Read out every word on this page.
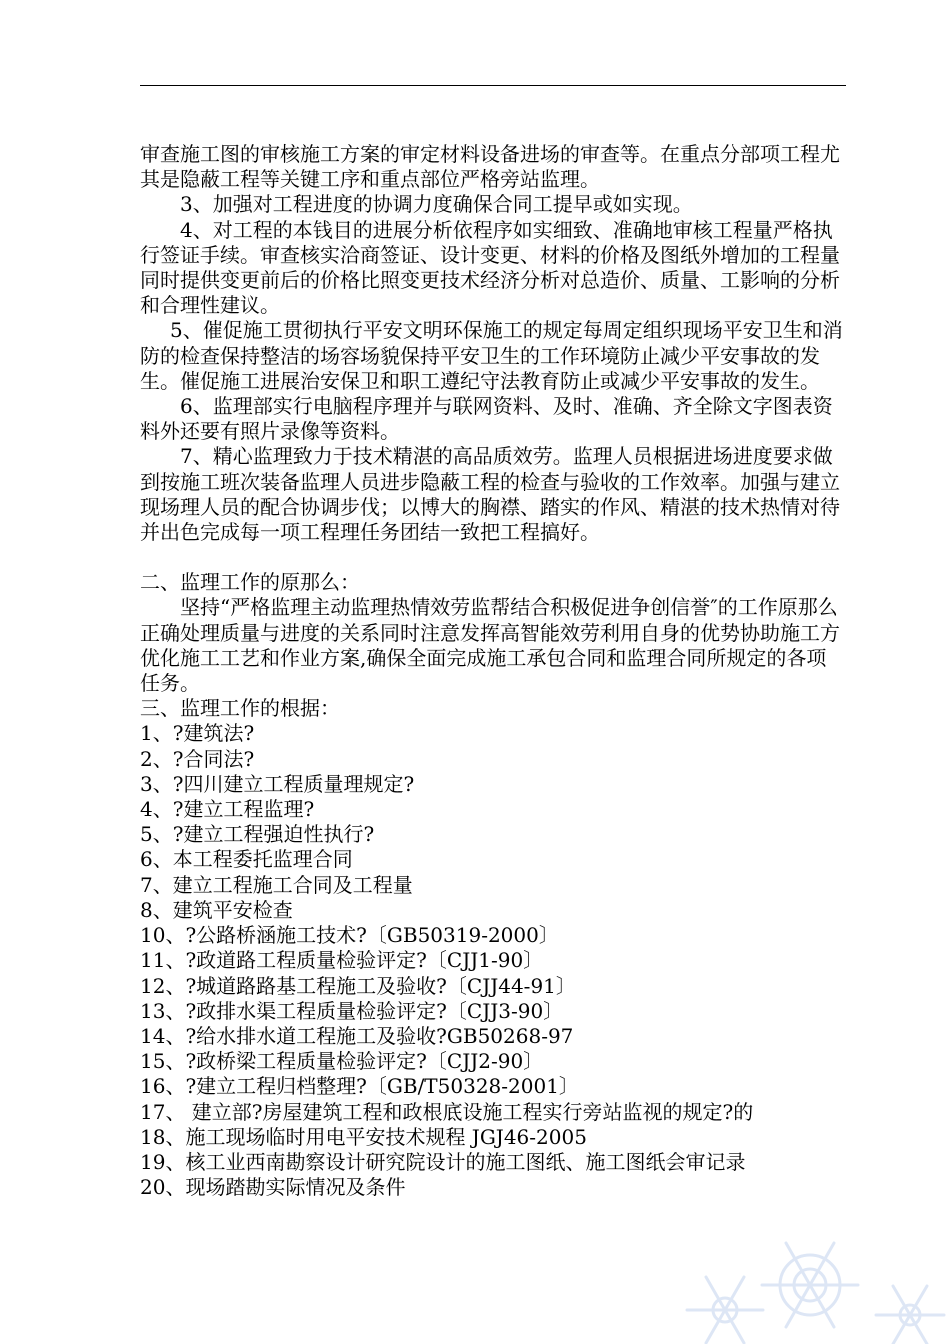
审查施工图的审核施工方案的审定材料设备进场的审查等。在重点分部项工程尤其是隐蔽工程等关键工序和重点部位严格旁站监理。

3、加强对工程进度的协调力度确保合同工提早或如实现。

4、对工程的本钱目的进展分析依程序如实细致、准确地审核工程量严格执行签证手续。审查核实洽商签证、设计变更、材料的价格及图纸外增加的工程量同时提供变更前后的价格比照变更技术经济分析对总造价、质量、工影响的分析和合理性建议。

5、催促施工贯彻执行平安文明环保施工的规定每周定组织现场平安卫生和消防的检查保持整洁的场容场貌保持平安卫生的工作环境防止减少平安事故的发生。催促施工进展治安保卫和职工遵纪守法教育防止或减少平安事故的发生。

6、监理部实行电脑程序理并与联网资料、及时、准确、齐全除文字图表资料外还要有照片录像等资料。

7、精心监理致力于技术精湛的高品质效劳。监理人员根据进场进度要求做到按施工班次装备监理人员进步隐蔽工程的检查与验收的工作效率。加强与建立现场理人员的配合协调步伐；以博大的胸襟、踏实的作风、精湛的技术热情对待并出色完成每一项工程理任务团结一致把工程搞好。

二、监理工作的原那么：

坚持“严格监理主动监理热情效劳监帮结合积极促进争创信誉″的工作原那么正确处理质量与进度的关系同时注意发挥高智能效劳利用自身的优势协助施工方优化施工工艺和作业方案,确保全面完成施工承包合同和监理合同所规定的各项任务。

三、监理工作的根据：

1、?建筑法?

2、?合同法?

3、?四川建立工程质量理规定?

4、?建立工程监理?

5、?建立工程强迫性执行?

6、本工程委托监理合同

7、建立工程施工合同及工程量

8、建筑平安检查

10、?公路桥涵施工技术?〔GB50319-2000〕

11、?政道路工程质量检验评定?〔CJJ1-90〕

12、?城道路路基工程施工及验收?〔CJJ44-91〕

13、?政排水渠工程质量检验评定?〔CJJ3-90〕

14、?给水排水道工程施工及验收?GB50268-97

15、?政桥梁工程质量检验评定?〔CJJ2-90〕

16、?建立工程归档整理?〔GB/T50328-2001〕

17、 建立部?房屋建筑工程和政根底设施工程实行旁站监视的规定?的

18、施工现场临时用电平安技术规程 JGJ46-2005

19、核工业西南勘察设计研究院设计的施工图纸、施工图纸会审记录

20、现场踏勘实际情况及条件
